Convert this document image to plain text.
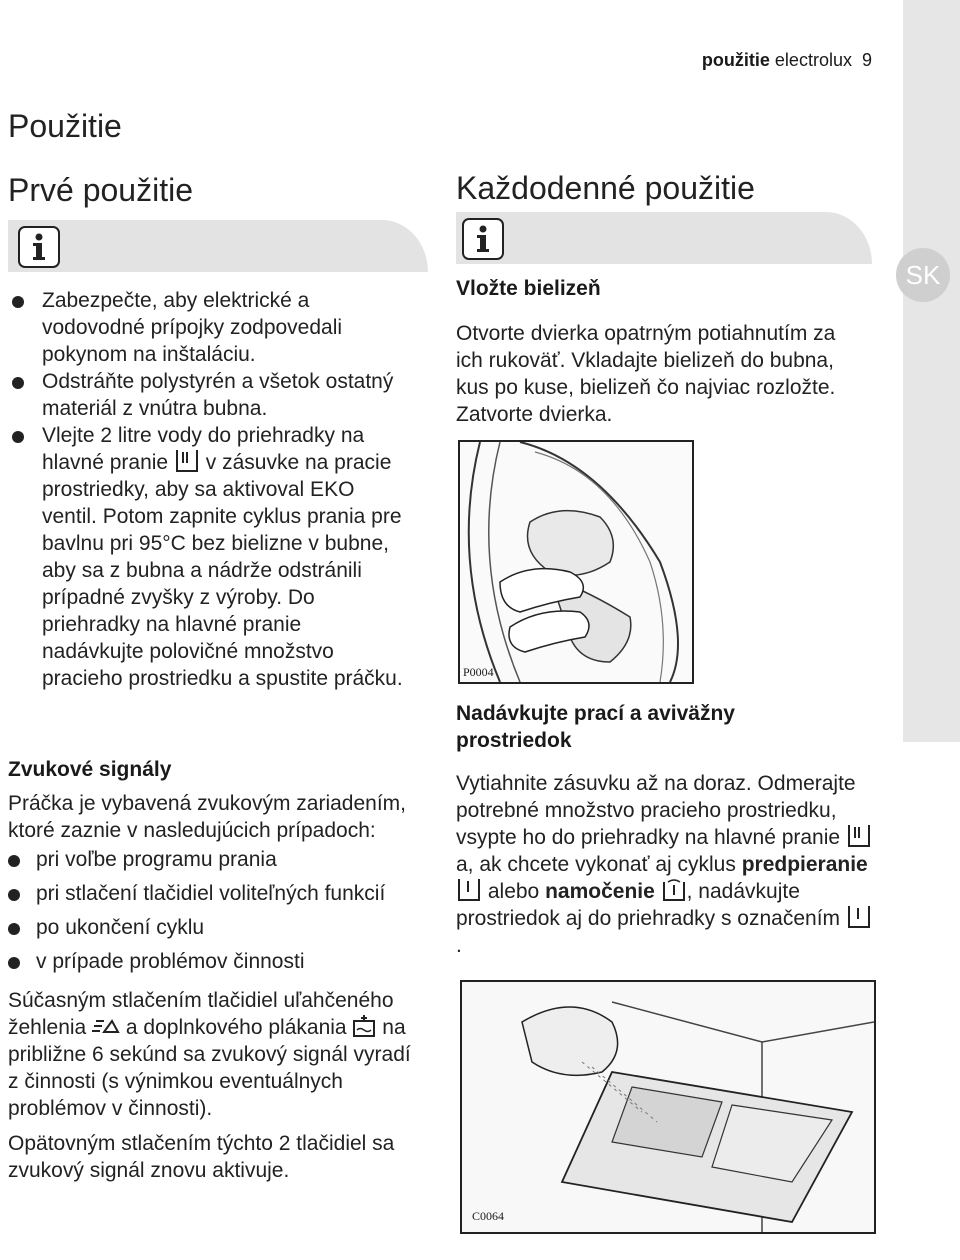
použitie electrolux 9
SK
Použitie
Prvé použitie
Zabezpečte, aby elektrické a vodovodné prípojky zodpovedali pokynom na inštaláciu.
Odstráňte polystyrén a všetok ostatný materiál z vnútra bubna.
Vlejte 2 litre vody do priehradky na hlavné pranie v zásuvke na pracie prostriedky, aby sa aktivoval EKO ventil. Potom zapnite cyklus prania pre bavlnu pri 95°C bez bielizne v bubne, aby sa z bubna a nádrže odstránili prípadné zvyšky z výroby. Do priehradky na hlavné pranie nadávkujte polovičné množstvo pracieho prostriedku a spustite práčku.
Zvukové signály
Práčka je vybavená zvukovým zariadením, ktoré zaznie v nasledujúcich prípadoch:
pri voľbe programu prania
pri stlačení tlačidiel voliteľných funkcií
po ukončení cyklu
v prípade problémov činnosti
Súčasným stlačením tlačidiel uľahčeného žehlenia a doplnkového plákania na približne 6 sekúnd sa zvukový signál vyradí z činnosti (s výnimkou eventuálnych problémov v činnosti).
Opätovným stlačením týchto 2 tlačidiel sa zvukový signál znovu aktivuje.
Každodenné použitie
Vložte bielizeň
Otvorte dvierka opatrným potiahnutím za ich rukoväť. Vkladajte bielizeň do bubna, kus po kuse, bielizeň čo najviac rozložte. Zatvorte dvierka.
P0004
Nadávkujte prací a aviväžny prostriedok
Vytiahnite zásuvku až na doraz. Odmerajte potrebné množstvo pracieho prostriedku, vsypte ho do priehradky na hlavné pranie
a, ak chcete vykonať aj cyklus predpieranie
alebo namočenie , nadávkujte prostriedok aj do priehradky s označením
.
C0064
